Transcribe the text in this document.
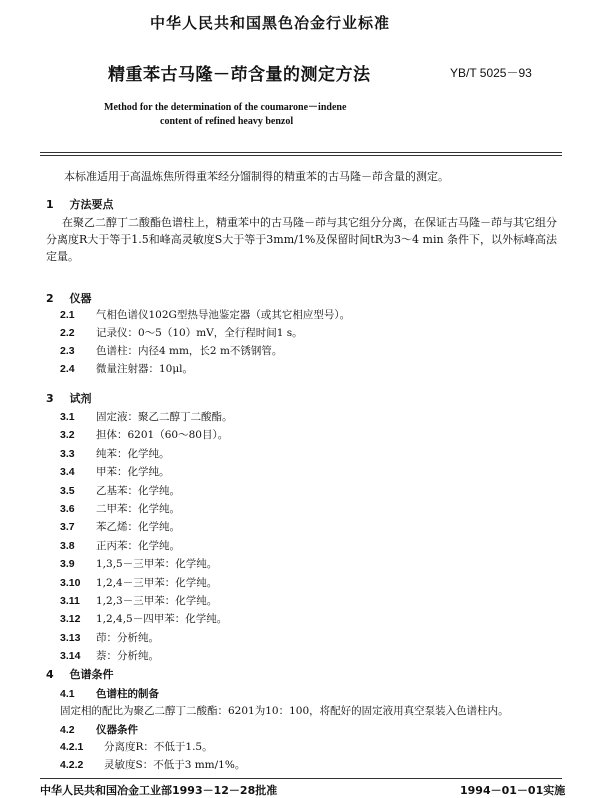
中华人民共和国黑色冶金行业标准
精重苯古马隆－茚含量的测定方法	YB/T 5025－93
Method for the determination of the coumarone－indene
content of refined heavy benzol
本标准适用于高温炼焦所得重苯经分馏制得的精重苯的古马隆－茚含量的测定。
1 方法要点
在聚乙二醇丁二酸酯色谱柱上，精重苯中的古马隆－茚与其它组分分离，在保证古马隆－茚与其它组分分离度R大于等于1.5和峰高灵敏度S大于等于3mm/1%及保留时间tR为3～4 min 条件下，以外标峰高法定量。
2 仪器
2.1 气相色谱仪102G型热导池鉴定器（或其它相应型号）。
2.2 记录仪：0～5（10）mV，全行程时间1 s。
2.3 色谱柱：内径4 mm，长2 m不锈钢管。
2.4 微量注射器：10μl。
3 试剂
3.1 固定液：聚乙二醇丁二酸酯。
3.2 担体：6201（60～80目）。
3.3 纯苯：化学纯。
3.4 甲苯：化学纯。
3.5 乙基苯：化学纯。
3.6 二甲苯：化学纯。
3.7 苯乙烯：化学纯。
3.8 正丙苯：化学纯。
3.9 1,3,5－三甲苯：化学纯。
3.10 1,2,4－三甲苯：化学纯。
3.11 1,2,3－三甲苯：化学纯。
3.12 1,2,4,5－四甲苯：化学纯。
3.13 茚：分析纯。
3.14 萘：分析纯。
4 色谱条件
4.1 色谱柱的制备
固定相的配比为聚乙二醇丁二酸酯：6201为10：100，将配好的固定液用真空泵装入色谱柱内。
4.2 仪器条件
4.2.1 分离度R：不低于1.5。
4.2.2 灵敏度S：不低于3 mm/1%。
中华人民共和国冶金工业部1993－12－28批准	1994－01－01实施
